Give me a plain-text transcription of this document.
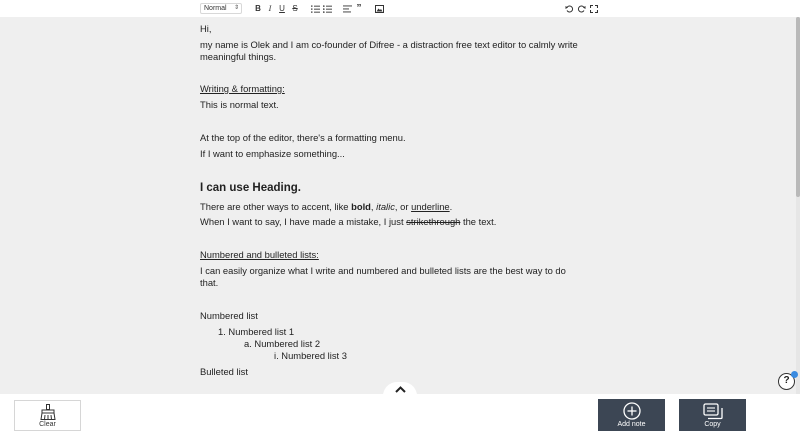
Normal ⇕ B I U S	”
Hi,
my name is Olek and I am co-founder of Difree - a distraction free text editor to calmly write
meaningful things.
Writing & formatting:
This is normal text.
At the top of the editor, there's a formatting menu.
If I want to emphasize something...
I can use Heading.
There are other ways to accent, like bold, italic, or underline.
When I want to say, I have made a mistake, I just strikethrough the text.
Numbered and bulleted lists:
I can easily organize what I write and numbered and bulleted lists are the best way to do
that.
Numbered list
1. Numbered list 1
a. Numbered list 2
i. Numbered list 3
Bulleted list
?
Clear	Add note	Copy
